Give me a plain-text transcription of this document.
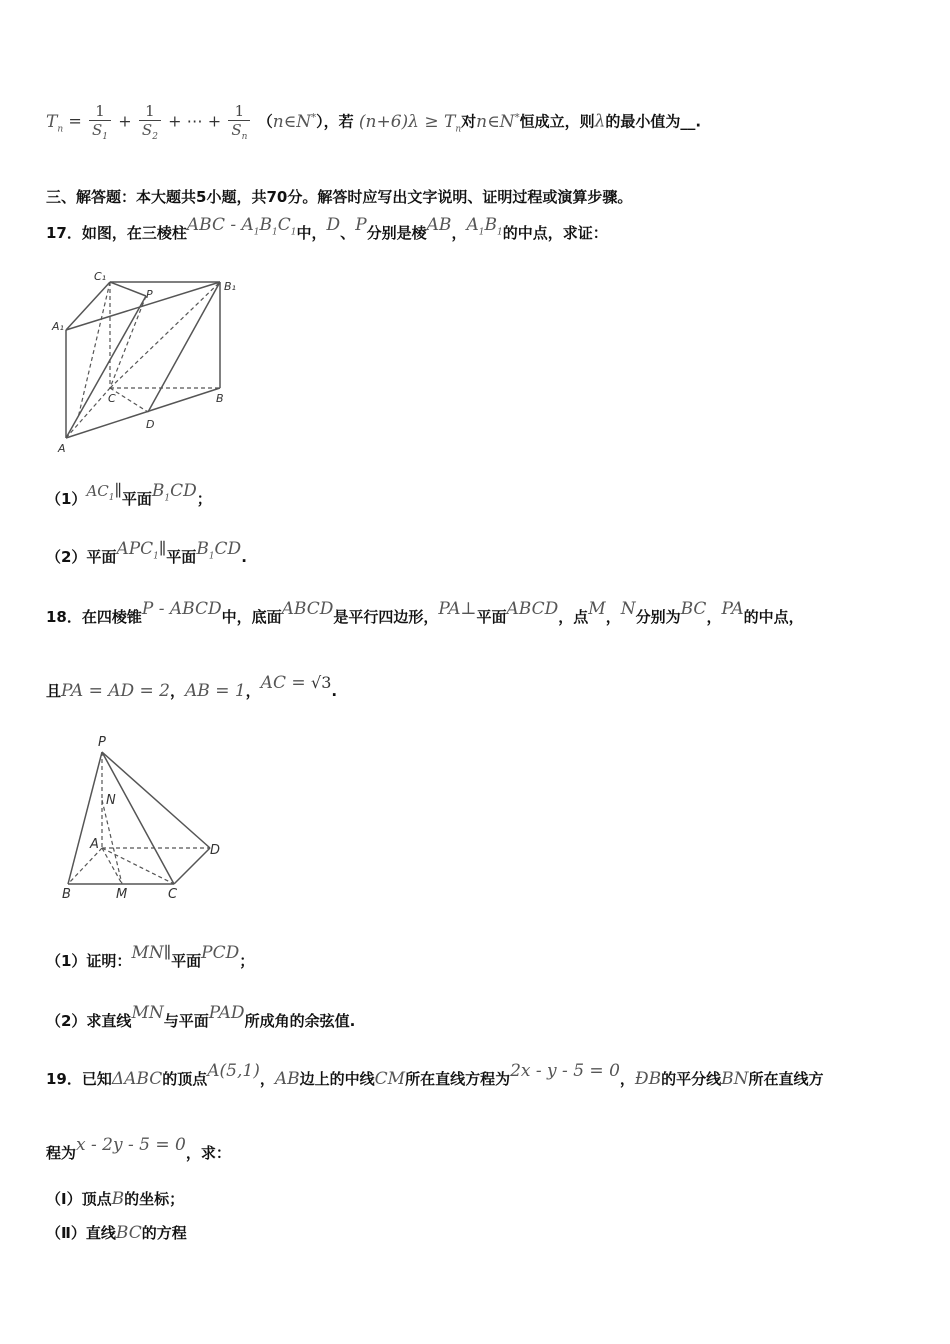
$T_n = \frac{1}{S_1} + \frac{1}{S_2}$ + ⋯ + $\frac{1}{S_n}$ （n∈N*），若 $(n+6)\lambda \ge T_n$对n∈N*恒成立，则λ的最小值为__.
三、解答题：本大题共5小题，共70分。解答时应写出文字说明、证明过程或演算步骤。
17．如图，在三棱柱ABC - $A_1B_1C_1$中，D、P分别是棱AB，$A_1B_1$的中点，求证：
C₁
P
B₁
A₁
C	B
D
A
$(1)AC_1\parallel$平面$B_1CD$；
（2）平面$APC_1\parallel$平面$B_1CD$.
18．在四棱锥P - ABCD中，底面ABCD是平行四边形，PA⊥平面ABCD，点M，N分别为BC，PA的中点，
且PA = AD = 2，AB = 1，AC = √3.
P
N
A	D
B	M	C
（1）证明：MN∥平面PCD；
（2）求直线MN与平面PAD所成角的余弦值.
19．已知ΔABC的顶点A(5,1)，AB边上的中线CM所在直线方程为2x - y - 5 = 0，ÐB的平分线BN所在直线方
程为x - 2y - 5 = 0，求：
（Ⅰ）顶点B的坐标；
（Ⅱ）直线BC的方程
